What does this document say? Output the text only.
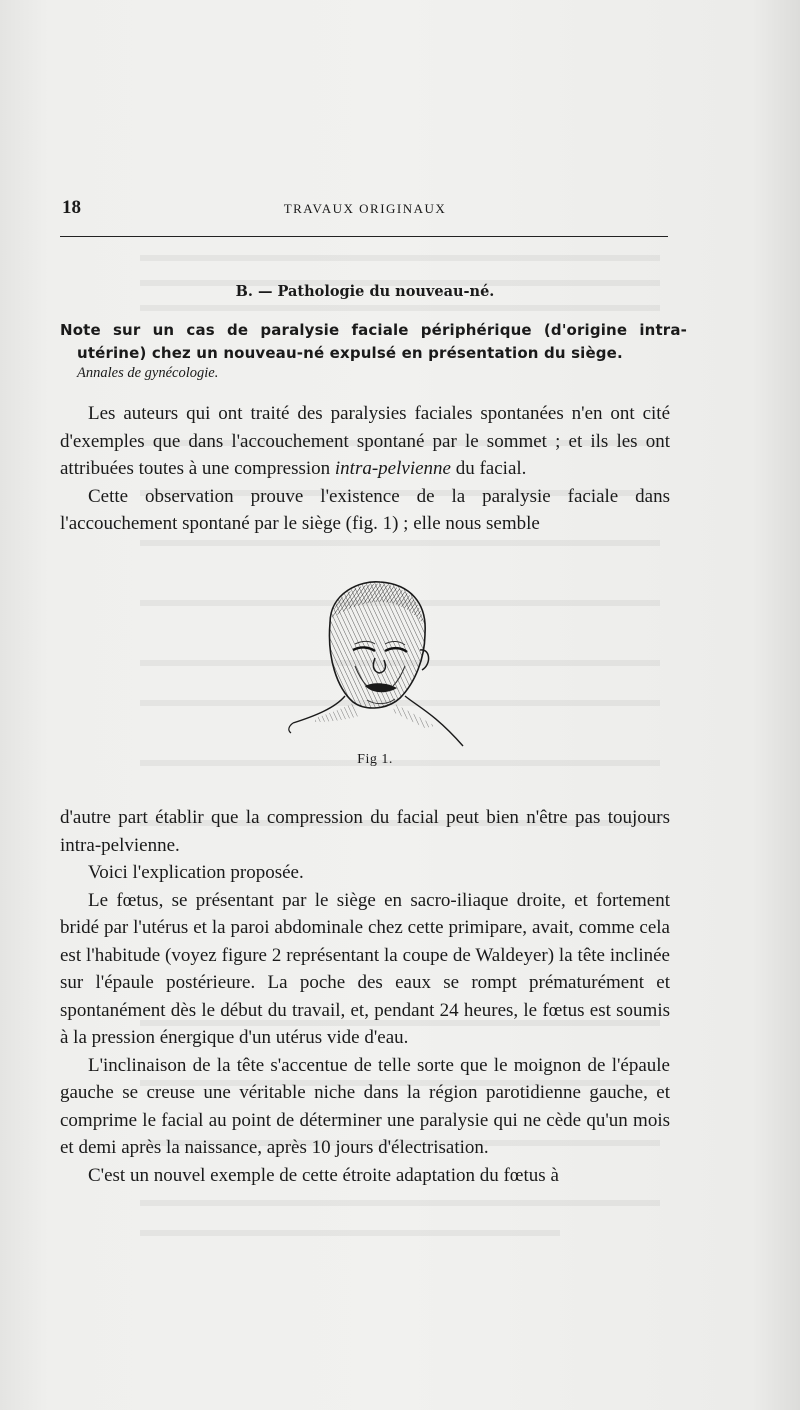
18	TRAVAUX ORIGINAUX
B. — Pathologie du nouveau-né.
Note sur un cas de paralysie faciale périphérique (d'origine intra-utérine) chez un nouveau-né expulsé en présentation du siège.
Annales de gynécologie.

Les auteurs qui ont traité des paralysies faciales spontanées n'en ont cité d'exemples que dans l'accouchement spontané par le sommet ; et ils les ont attribuées toutes à une compression intra-pelvienne du facial.

Cette observation prouve l'existence de la paralysie faciale dans l'accouchement spontané par le siège (fig. 1) ; elle nous semble

Fig 1.

d'autre part établir que la compression du facial peut bien n'être pas toujours intra-pelvienne.

Voici l'explication proposée.

Le fœtus, se présentant par le siège en sacro-iliaque droite, et fortement bridé par l'utérus et la paroi abdominale chez cette primipare, avait, comme cela est l'habitude (voyez figure 2 représentant la coupe de Waldeyer) la tête inclinée sur l'épaule postérieure. La poche des eaux se rompt prématurément et spontanément dès le début du travail, et, pendant 24 heures, le fœtus est soumis à la pression énergique d'un utérus vide d'eau.

L'inclinaison de la tête s'accentue de telle sorte que le moignon de l'épaule gauche se creuse une véritable niche dans la région parotidienne gauche, et comprime le facial au point de déterminer une paralysie qui ne cède qu'un mois et demi après la naissance, après 10 jours d'électrisation.

C'est un nouvel exemple de cette étroite adaptation du fœtus à
